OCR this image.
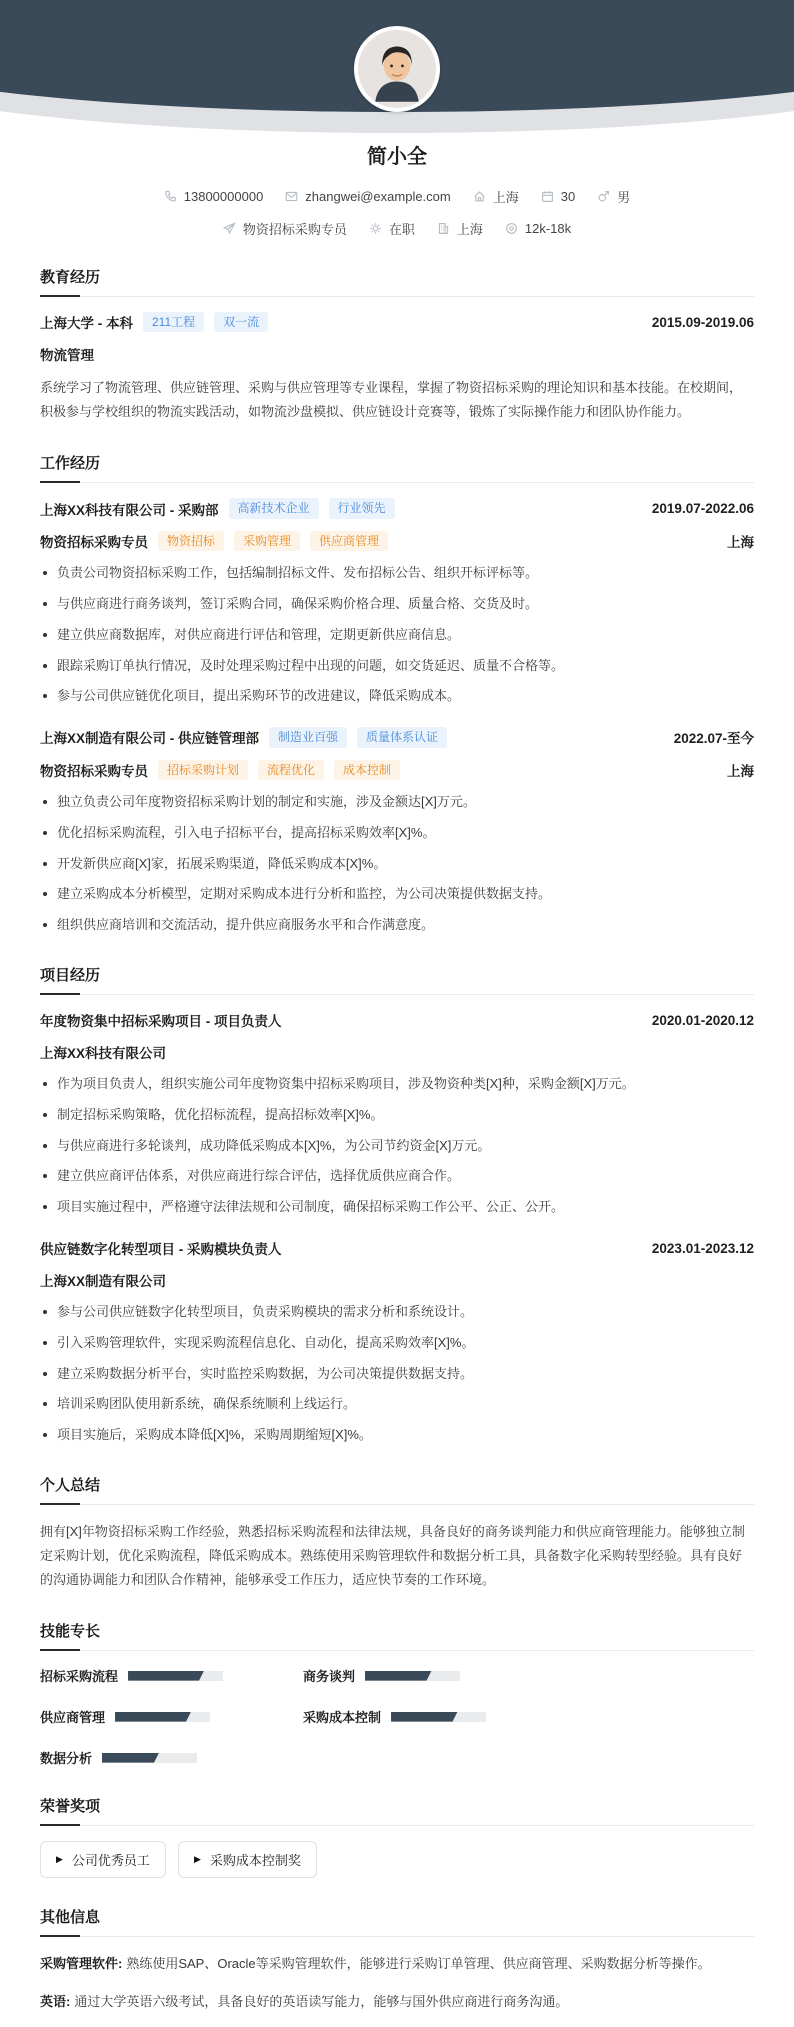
简小全
13800000000	zhangwei@example.com	上海	30	男
物资招标采购专员	在职	上海	12k-18k
教育经历
上海大学 - 本科	211工程	双一流	2015.09-2019.06
物流管理

系统学习了物流管理、供应链管理、采购与供应管理等专业课程，掌握了物资招标采购的理论知识和基本技能。在校期间，积极参与学校组织的物流实践活动，如物流沙盘模拟、供应链设计竞赛等，锻炼了实际操作能力和团队协作能力。

工作经历
上海XX科技有限公司 - 采购部	高新技术企业	行业领先	2019.07-2022.06
物资招标采购专员	物资招标	采购管理	供应商管理	上海
负责公司物资招标采购工作，包括编制招标文件、发布招标公告、组织开标评标等。
与供应商进行商务谈判，签订采购合同，确保采购价格合理、质量合格、交货及时。
建立供应商数据库，对供应商进行评估和管理，定期更新供应商信息。
跟踪采购订单执行情况，及时处理采购过程中出现的问题，如交货延迟、质量不合格等。
参与公司供应链优化项目，提出采购环节的改进建议，降低采购成本。
上海XX制造有限公司 - 供应链管理部	制造业百强	质量体系认证	2022.07-至今
物资招标采购专员	招标采购计划	流程优化	成本控制	上海
独立负责公司年度物资招标采购计划的制定和实施，涉及金额达[X]万元。
优化招标采购流程，引入电子招标平台，提高招标采购效率[X]%。
开发新供应商[X]家，拓展采购渠道，降低采购成本[X]%。
建立采购成本分析模型，定期对采购成本进行分析和监控，为公司决策提供数据支持。
组织供应商培训和交流活动，提升供应商服务水平和合作满意度。
项目经历
年度物资集中招标采购项目 - 项目负责人	2020.01-2020.12
上海XX科技有限公司
作为项目负责人，组织实施公司年度物资集中招标采购项目，涉及物资种类[X]种，采购金额[X]万元。
制定招标采购策略，优化招标流程，提高招标效率[X]%。
与供应商进行多轮谈判，成功降低采购成本[X]%，为公司节约资金[X]万元。
建立供应商评估体系，对供应商进行综合评估，选择优质供应商合作。
项目实施过程中，严格遵守法律法规和公司制度，确保招标采购工作公平、公正、公开。
供应链数字化转型项目 - 采购模块负责人	2023.01-2023.12
上海XX制造有限公司
参与公司供应链数字化转型项目，负责采购模块的需求分析和系统设计。
引入采购管理软件，实现采购流程信息化、自动化，提高采购效率[X]%。
建立采购数据分析平台，实时监控采购数据，为公司决策提供数据支持。
培训采购团队使用新系统，确保系统顺利上线运行。
项目实施后，采购成本降低[X]%，采购周期缩短[X]%。
个人总结

拥有[X]年物资招标采购工作经验，熟悉招标采购流程和法律法规，具备良好的商务谈判能力和供应商管理能力。能够独立制定采购计划，优化采购流程，降低采购成本。熟练使用采购管理软件和数据分析工具，具备数字化采购转型经验。具有良好的沟通协调能力和团队合作精神，能够承受工作压力，适应快节奏的工作环境。

技能专长
招标采购流程	商务谈判
供应商管理	采购成本控制
数据分析
荣誉奖项
▶ 公司优秀员工	▶ 采购成本控制奖
其他信息

采购管理软件: 熟练使用SAP、Oracle等采购管理软件，能够进行采购订单管理、供应商管理、采购数据分析等操作。

英语: 通过大学英语六级考试，具备良好的英语读写能力，能够与国外供应商进行商务沟通。
